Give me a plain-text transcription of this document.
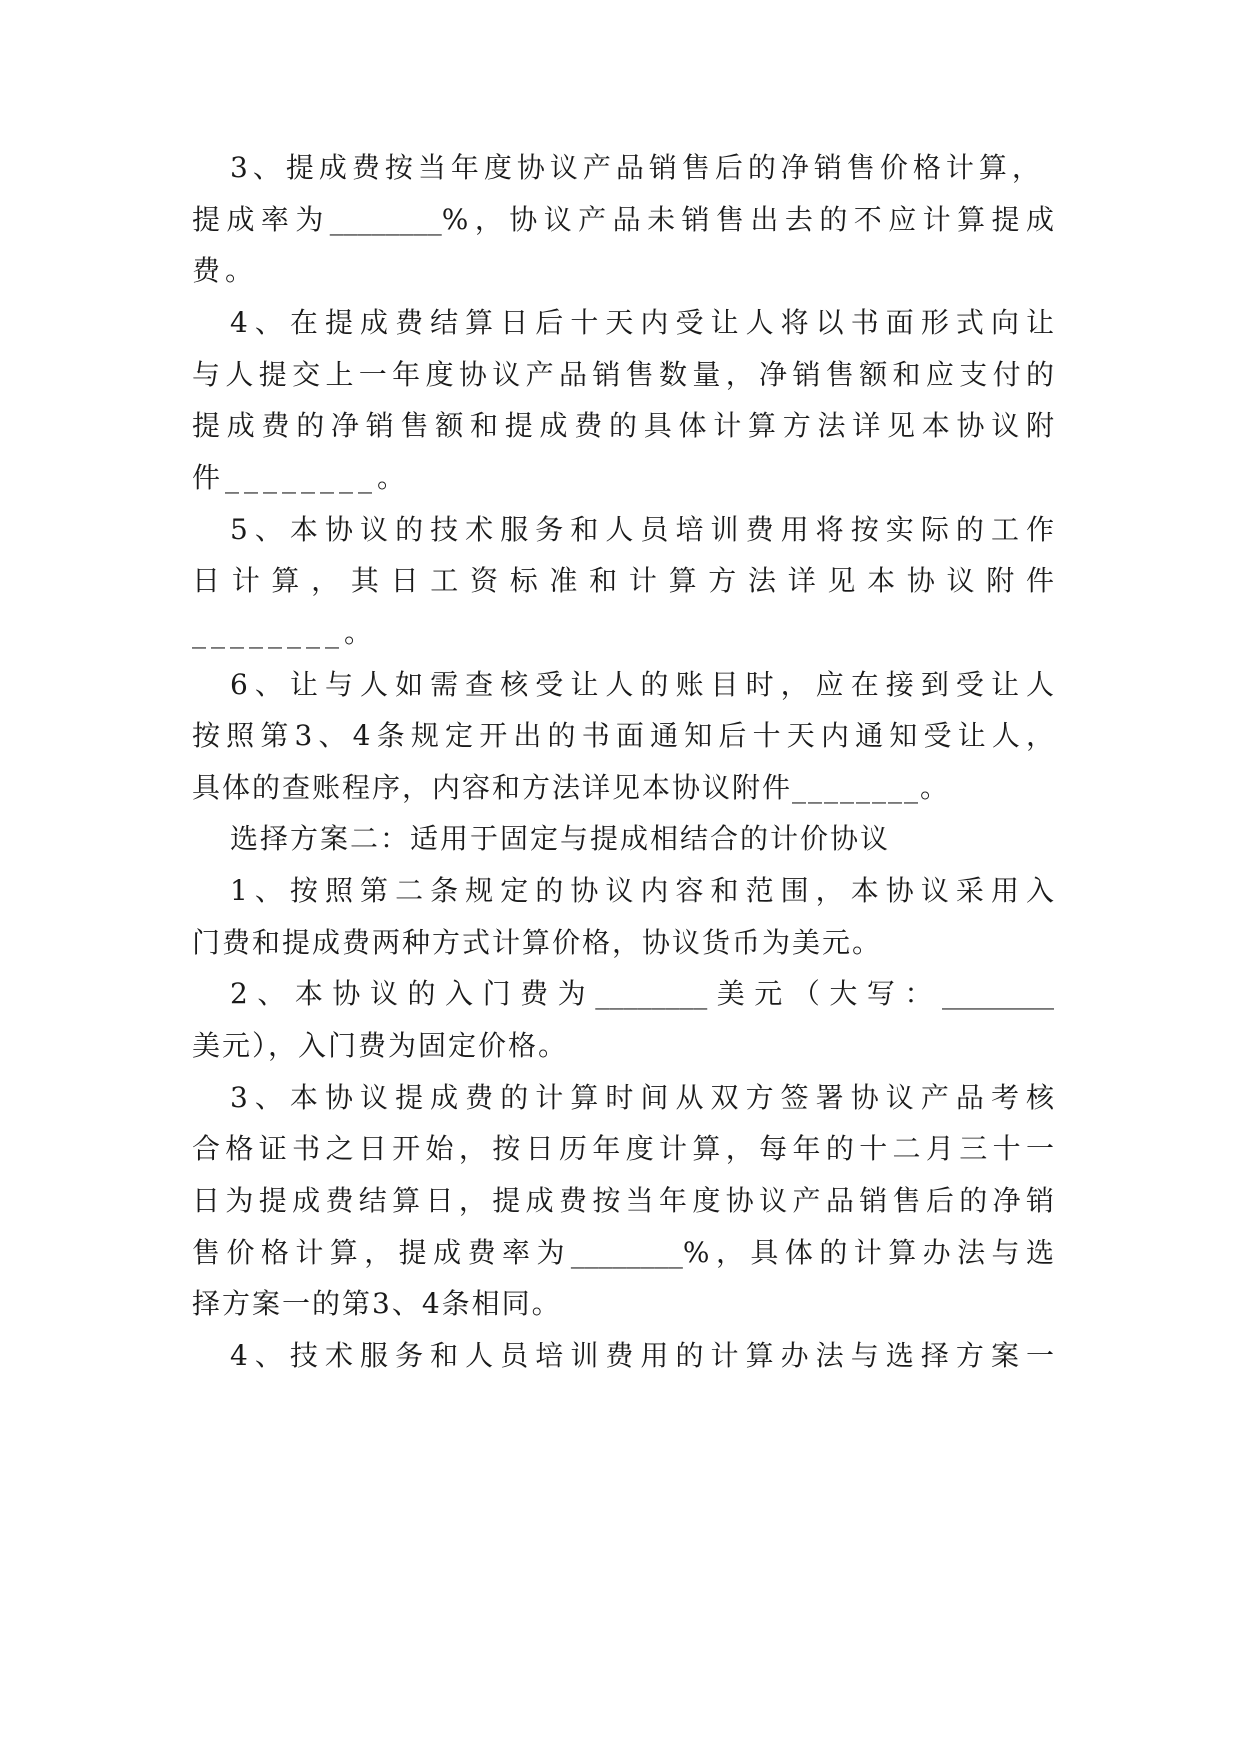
3、提成费按当年度协议产品销售后的净销售价格计算，
提成率为________%，协议产品未销售出去的不应计算提成
费。
4、在提成费结算日后十天内受让人将以书面形式向让
与人提交上一年度协议产品销售数量，净销售额和应支付的
提成费的净销售额和提成费的具体计算方法详见本协议附
件________。
5、本协议的技术服务和人员培训费用将按实际的工作
日计算，其日工资标准和计算方法详见本协议附件
________。
6、让与人如需查核受让人的账目时，应在接到受让人
按照第3、4条规定开出的书面通知后十天内通知受让人，
具体的查账程序，内容和方法详见本协议附件________。
选择方案二：适用于固定与提成相结合的计价协议
1、按照第二条规定的协议内容和范围，本协议采用入
门费和提成费两种方式计算价格，协议货币为美元。
2、本协议的入门费为________美元（大写：________
美元），入门费为固定价格。
3、本协议提成费的计算时间从双方签署协议产品考核
合格证书之日开始，按日历年度计算，每年的十二月三十一
日为提成费结算日，提成费按当年度协议产品销售后的净销
售价格计算，提成费率为________%，具体的计算办法与选
择方案一的第3、4条相同。
4、技术服务和人员培训费用的计算办法与选择方案一
